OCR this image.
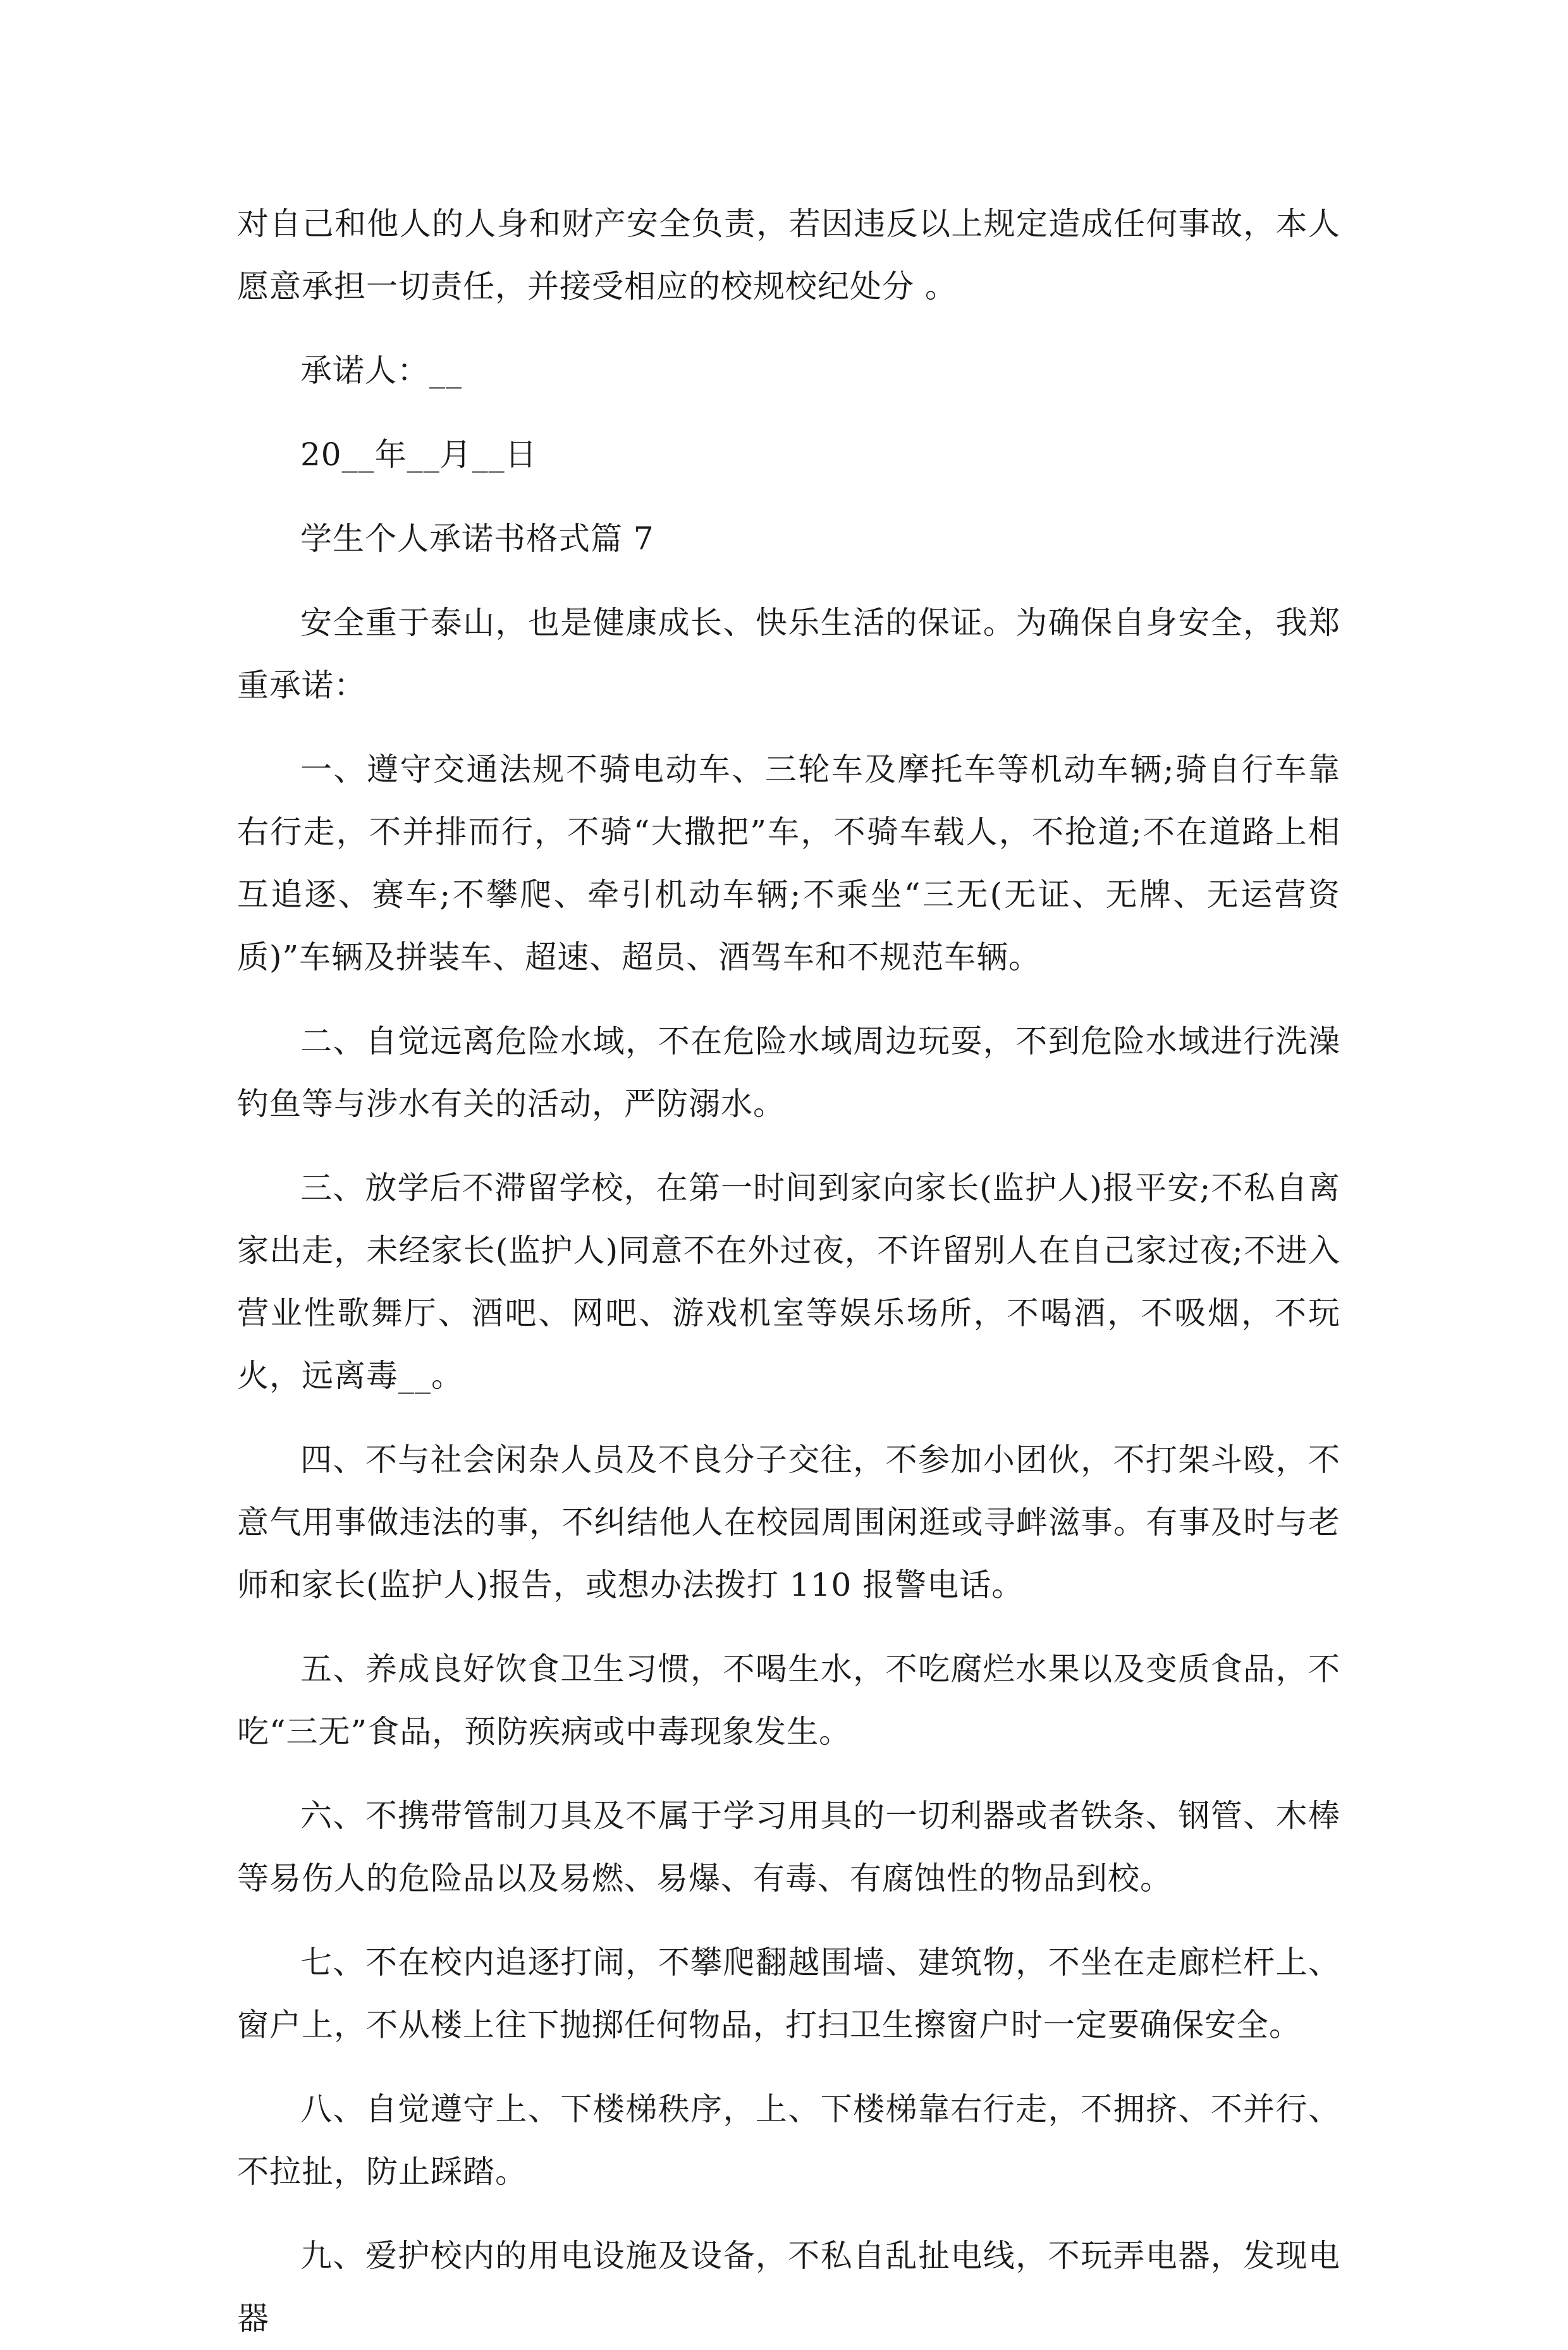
对自己和他人的人身和财产安全负责，若因违反以上规定造成任何事故，本人愿意承担一切责任，并接受相应的校规校纪处分 。

承诺人：__

20__年__月__日

学生个人承诺书格式篇 7

安全重于泰山，也是健康成长、快乐生活的保证。为确保自身安全，我郑重承诺：

一、遵守交通法规不骑电动车、三轮车及摩托车等机动车辆;骑自行车靠右行走，不并排而行，不骑“大撒把”车，不骑车载人，不抢道;不在道路上相互追逐、赛车;不攀爬、牵引机动车辆;不乘坐“三无(无证、无牌、无运营资质)”车辆及拼装车、超速、超员、酒驾车和不规范车辆。

二、自觉远离危险水域，不在危险水域周边玩耍，不到危险水域进行洗澡钓鱼等与涉水有关的活动，严防溺水。

三、放学后不滞留学校，在第一时间到家向家长(监护人)报平安;不私自离家出走，未经家长(监护人)同意不在外过夜，不许留别人在自己家过夜;不进入营业性歌舞厅、酒吧、网吧、游戏机室等娱乐场所，不喝酒，不吸烟，不玩火，远离毒__。

四、不与社会闲杂人员及不良分子交往，不参加小团伙，不打架斗殴，不意气用事做违法的事，不纠结他人在校园周围闲逛或寻衅滋事。有事及时与老师和家长(监护人)报告，或想办法拨打 110 报警电话。

五、养成良好饮食卫生习惯，不喝生水，不吃腐烂水果以及变质食品，不吃“三无”食品，预防疾病或中毒现象发生。

六、不携带管制刀具及不属于学习用具的一切利器或者铁条、钢管、木棒等易伤人的危险品以及易燃、易爆、有毒、有腐蚀性的物品到校。

七、不在校内追逐打闹，不攀爬翻越围墙、建筑物，不坐在走廊栏杆上、窗户上，不从楼上往下抛掷任何物品，打扫卫生擦窗户时一定要确保安全。

八、自觉遵守上、下楼梯秩序，上、下楼梯靠右行走，不拥挤、不并行、不拉扯，防止踩踏。

九、爱护校内的用电设施及设备，不私自乱扯电线，不玩弄电器，发现电器
